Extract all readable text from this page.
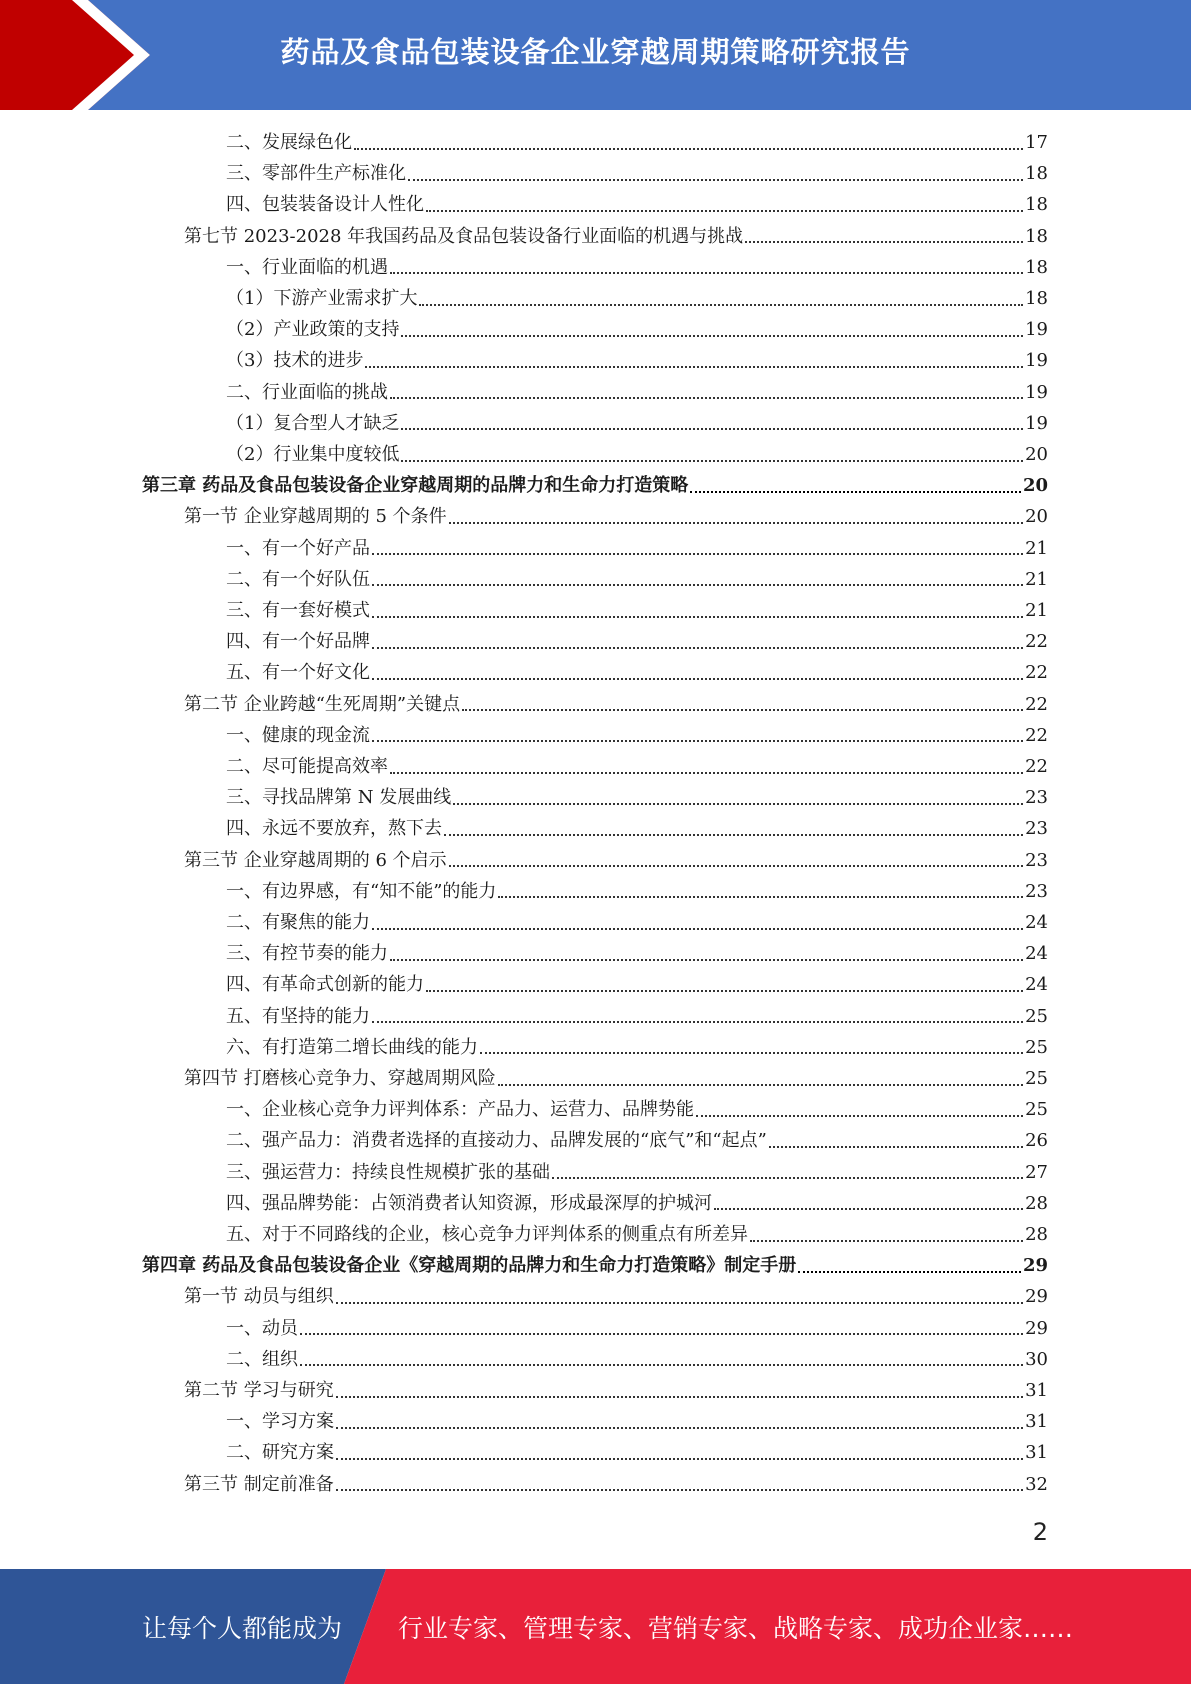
药品及食品包装设备企业穿越周期策略研究报告
二、发展绿色化	17
三、零部件生产标准化	18
四、包装装备设计人性化	18
第七节 2023-2028 年我国药品及食品包装设备行业面临的机遇与挑战	18
一、行业面临的机遇	18
（1）下游产业需求扩大	18
（2）产业政策的支持	19
（3）技术的进步	19
二、行业面临的挑战	19
（1）复合型人才缺乏	19
（2）行业集中度较低	20
第三章 药品及食品包装设备企业穿越周期的品牌力和生命力打造策略	20
第一节 企业穿越周期的 5 个条件	20
一、有一个好产品	21
二、有一个好队伍	21
三、有一套好模式	21
四、有一个好品牌	22
五、有一个好文化	22
第二节 企业跨越“生死周期”关键点	22
一、健康的现金流	22
二、尽可能提高效率	22
三、寻找品牌第 N 发展曲线	23
四、永远不要放弃，熬下去	23
第三节 企业穿越周期的 6 个启示	23
一、有边界感，有“知不能”的能力	23
二、有聚焦的能力	24
三、有控节奏的能力	24
四、有革命式创新的能力	24
五、有坚持的能力	25
六、有打造第二增长曲线的能力	25
第四节 打磨核心竞争力、穿越周期风险	25
一、企业核心竞争力评判体系：产品力、运营力、品牌势能	25
二、强产品力：消费者选择的直接动力、品牌发展的“底气”和“起点”	26
三、强运营力：持续良性规模扩张的基础	27
四、强品牌势能：占领消费者认知资源，形成最深厚的护城河	28
五、对于不同路线的企业，核心竞争力评判体系的侧重点有所差异	28
第四章 药品及食品包装设备企业《穿越周期的品牌力和生命力打造策略》制定手册	29
第一节 动员与组织	29
一、动员	29
二、组织	30
第二节 学习与研究	31
一、学习方案	31
二、研究方案	31
第三节 制定前准备	32
2
让每个人都能成为 行业专家、管理专家、营销专家、战略专家、成功企业家……
